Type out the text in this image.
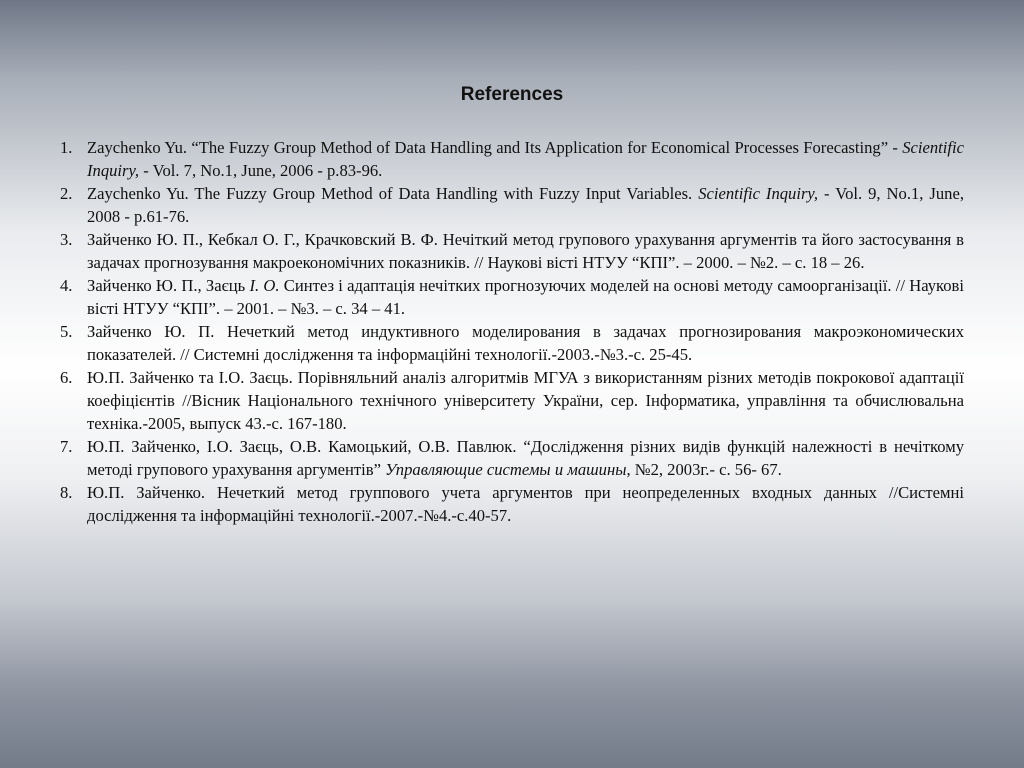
References
1. Zaychenko Yu. “The Fuzzy Group Method of Data Handling and Its Application for Economical Processes Forecasting” - Scientific Inquiry, - Vol. 7, No.1, June, 2006 - p.83-96.
2. Zaychenko Yu. The Fuzzy Group Method of Data Handling with Fuzzy Input Variables. Scientific Inquiry, - Vol. 9, No.1, June, 2008 - p.61-76.
3. Зайченко Ю. П., Кебкал О. Г., Крачковский В. Ф. Нечіткий метод групового урахування аргументів та його застосування в задачах прогнозування макроекономічних показників. // Наукові вісті НТУУ “КПІ”. – 2000. – №2. – с. 18 – 26.
4. Зайченко Ю. П., Заєць І. О. Синтез і адаптація нечітких прогнозуючих моделей на основі методу самоорганізації. // Наукові вісті НТУУ “КПІ”. – 2001. – №3. – с. 34 – 41.
5. Зайченко Ю. П. Нечеткий метод индуктивного моделирования в задачах прогнозирования макроэкономических показателей. // Системні дослідження та інформаційні технології.-2003.-№3.-с. 25-45.
6. Ю.П. Зайченко та І.О. Заєць. Порівняльний аналіз алгоритмів МГУА з використанням різних методів покрокової адаптації коефіцієнтів //Вісник Національного технічного університету України, сер. Інформатика, управління та обчислювальна техніка.-2005, выпуск 43.-с. 167-180.
7. Ю.П. Зайченко, І.О. Заєць, О.В. Камоцький, О.В. Павлюк. “Дослідження різних видів функцій належності в нечіткому методі групового урахування аргументів” Управляющие системы и машины, №2, 2003г.- с. 56- 67.
8. Ю.П. Зайченко. Нечеткий метод группового учета аргументов при неопределенных входных данных //Системні дослідження та інформаційні технології.-2007.-№4.-с.40-57.
